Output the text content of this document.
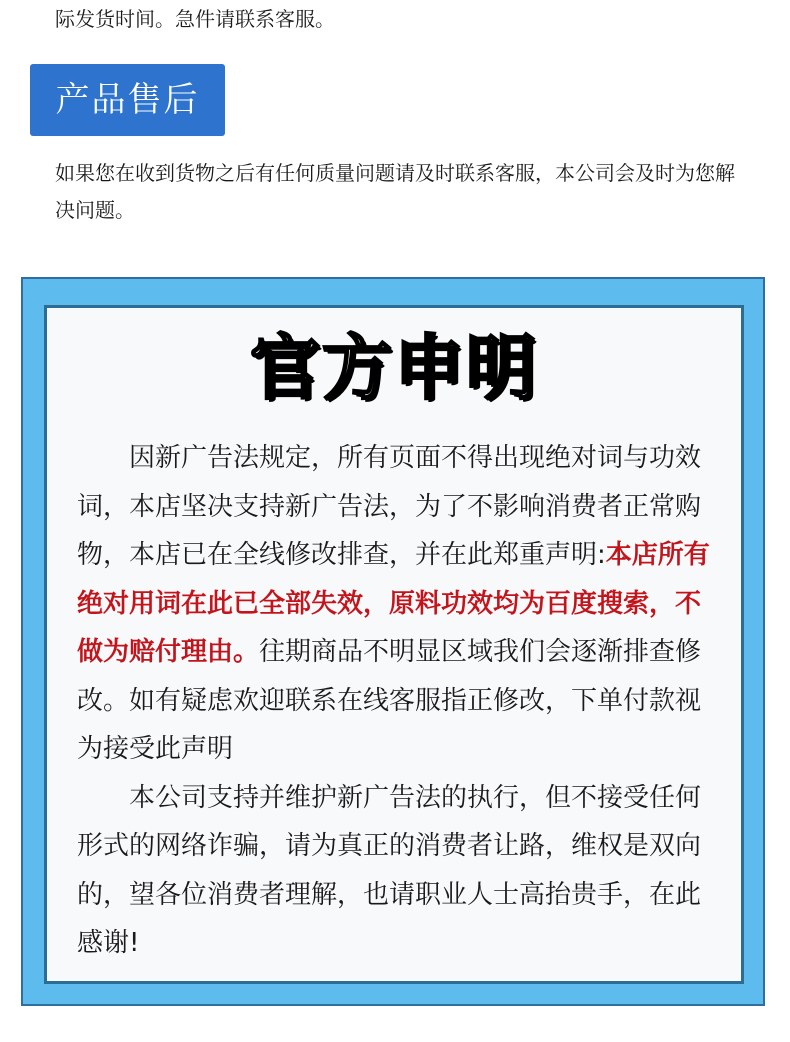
际发货时间。急件请联系客服。

产品售后

如果您在收到货物之后有任何质量问题请及时联系客服，本公司会及时为您解决问题。

官方申明

因新广告法规定，所有页面不得出现绝对词与功效词，本店坚决支持新广告法，为了不影响消费者正常购物，本店已在全线修改排查，并在此郑重声明:本店所有绝对用词在此已全部失效，原料功效均为百度搜索，不做为赔付理由。往期商品不明显区域我们会逐渐排查修改。如有疑虑欢迎联系在线客服指正修改，下单付款视为接受此声明

本公司支持并维护新广告法的执行，但不接受任何形式的网络诈骗，请为真正的消费者让路，维权是双向的，望各位消费者理解，也请职业人士高抬贵手，在此感谢!
